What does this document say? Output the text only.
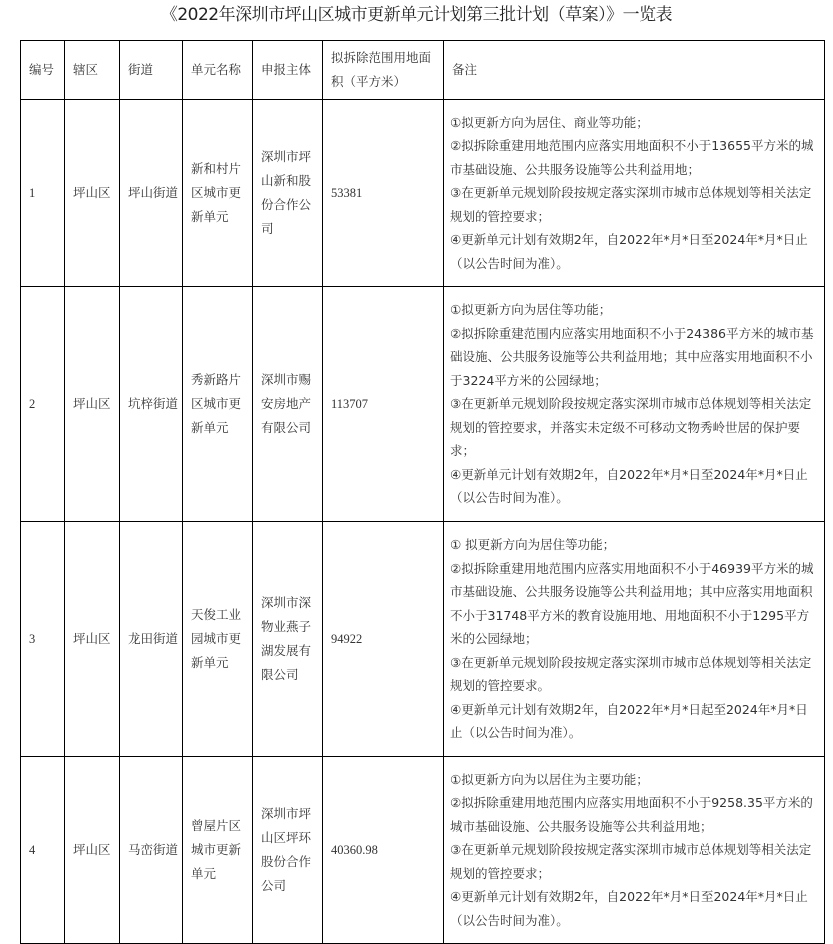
《2022年深圳市坪山区城市更新单元计划第三批计划（草案）》一览表
编号	辖区	街道	单元名称	申报主体	拟拆除范围用地面积（平方米）	备注
1	坪山区	坪山街道	新和村片区城市更新单元	深圳市坪山新和股份合作公司	53381	①拟更新方向为居住、商业等功能；
②拟拆除重建用地范围内应落实用地面积不小于13655平方米的城市基础设施、公共服务设施等公共利益用地；
③在更新单元规划阶段按规定落实深圳市城市总体规划等相关法定规划的管控要求；
④更新单元计划有效期2年，自2022年*月*日至2024年*月*日止（以公告时间为准）。

2	坪山区	坑梓街道	秀新路片区城市更新单元	深圳市赐安房地产有限公司	113707	①拟更新方向为居住等功能；
②拟拆除重建范围内应落实用地面积不小于24386平方米的城市基础设施、公共服务设施等公共利益用地；其中应落实用地面积不小于3224平方米的公园绿地；
③在更新单元规划阶段按规定落实深圳市城市总体规划等相关法定规划的管控要求，并落实未定级不可移动文物秀岭世居的保护要求；
④更新单元计划有效期2年，自2022年*月*日至2024年*月*日止（以公告时间为准）。

3	坪山区	龙田街道	天俊工业园城市更新单元	深圳市深物业燕子湖发展有限公司	94922	① 拟更新方向为居住等功能；
②拟拆除重建用地范围内应落实用地面积不小于46939平方米的城市基础设施、公共服务设施等公共利益用地；其中应落实用地面积不小于31748平方米的教育设施用地、用地面积不小于1295平方米的公园绿地；
③在更新单元规划阶段按规定落实深圳市城市总体规划等相关法定规划的管控要求。
④更新单元计划有效期2年，自2022年*月*日起至2024年*月*日止（以公告时间为准）。

4	坪山区	马峦街道	曾屋片区城市更新单元	深圳市坪山区坪环股份合作公司	40360.98	①拟更新方向为以居住为主要功能；
②拟拆除重建用地范围内应落实用地面积不小于9258.35平方米的城市基础设施、公共服务设施等公共利益用地；
③在更新单元规划阶段按规定落实深圳市城市总体规划等相关法定规划的管控要求；
④更新单元计划有效期2年，自2022年*月*日至2024年*月*日止（以公告时间为准）。
